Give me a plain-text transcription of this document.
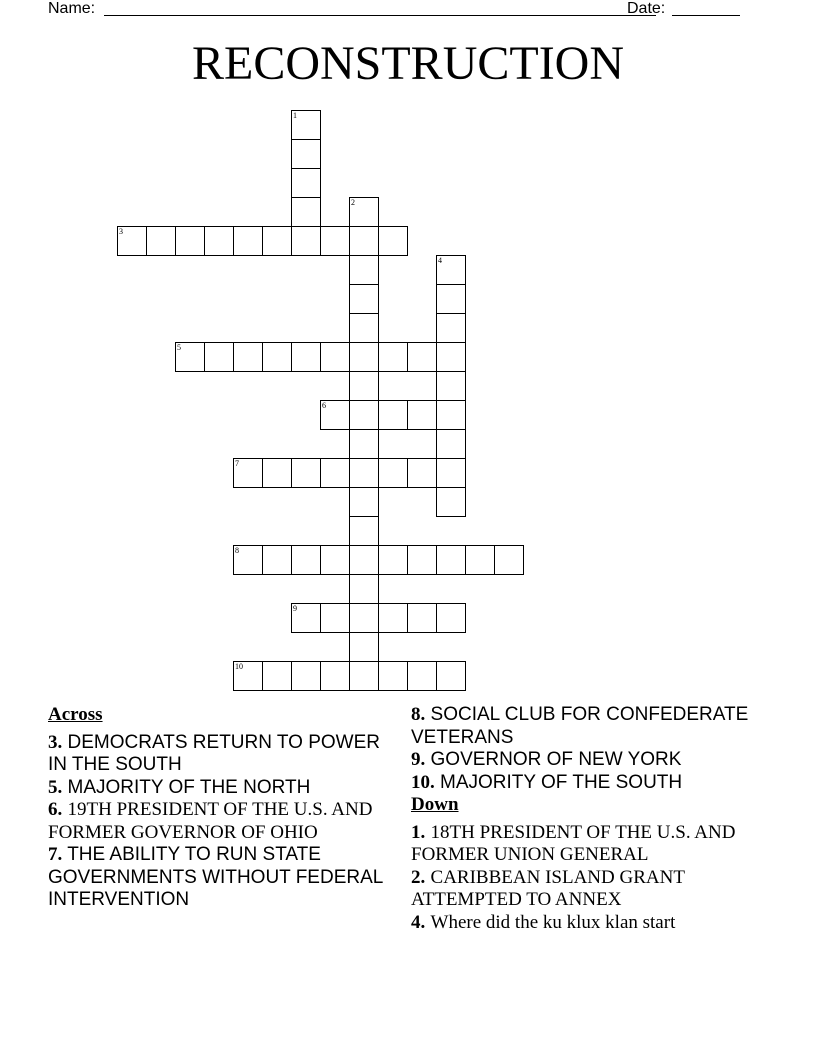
Name:	Date:
RECONSTRUCTION
1
2
3
4
5
6
7
8
9
10
Across

3. DEMOCRATS RETURN TO POWER IN THE SOUTH

5. MAJORITY OF THE NORTH

6. 19TH PRESIDENT OF THE U.S. AND FORMER GOVERNOR OF OHIO

7. THE ABILITY TO RUN STATE GOVERNMENTS WITHOUT FEDERAL INTERVENTION

8. SOCIAL CLUB FOR CONFEDERATE VETERANS

9. GOVERNOR OF NEW YORK

10. MAJORITY OF THE SOUTH

Down

1. 18TH PRESIDENT OF THE U.S. AND FORMER UNION GENERAL

2. CARIBBEAN ISLAND GRANT ATTEMPTED TO ANNEX

4. Where did the ku klux klan start
